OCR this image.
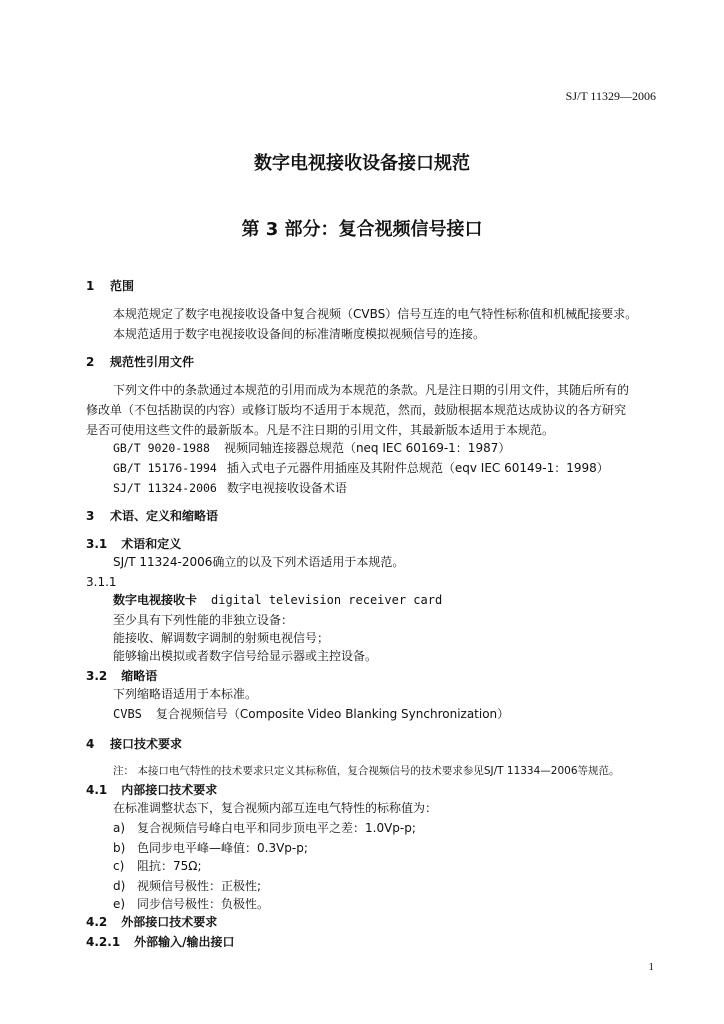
SJ/T 11329—2006
数字电视接收设备接口规范
第 3 部分：复合视频信号接口
1 范围
本规范规定了数字电视接收设备中复合视频（CVBS）信号互连的电气特性标称值和机械配接要求。
本规范适用于数字电视接收设备间的标准清晰度模拟视频信号的连接。
2 规范性引用文件
下列文件中的条款通过本规范的引用而成为本规范的条款。凡是注日期的引用文件，其随后所有的
修改单（不包括勘误的内容）或修订版均不适用于本规范，然而，鼓励根据本规范达成协议的各方研究
是否可使用这些文件的最新版本。凡是不注日期的引用文件，其最新版本适用于本规范。
GB/T 9020-1988 视频同轴连接器总规范（neq IEC 60169-1：1987）
GB/T 15176-1994 插入式电子元器件用插座及其附件总规范（eqv IEC 60149-1：1998）
SJ/T 11324-2006 数字电视接收设备术语
3 术语、定义和缩略语
3.1 术语和定义
SJ/T 11324-2006确立的以及下列术语适用于本规范。
3.1.1
数字电视接收卡 digital television receiver card
至少具有下列性能的非独立设备：
能接收、解调数字调制的射频电视信号；
能够输出模拟或者数字信号给显示器或主控设备。
3.2 缩略语
下列缩略语适用于本标准。
CVBS 复合视频信号（Composite Video Blanking Synchronization）
4 接口技术要求
注： 本接口电气特性的技术要求只定义其标称值，复合视频信号的技术要求参见SJ/T 11334—2006等规范。
4.1 内部接口技术要求
在标准调整状态下，复合视频内部互连电气特性的标称值为：
a) 复合视频信号峰白电平和同步顶电平之差：1.0Vp-p;
b) 色同步电平峰—峰值：0.3Vp-p;
c) 阻抗：75Ω;
d) 视频信号极性：正极性;
e) 同步信号极性：负极性。
4.2 外部接口技术要求
4.2.1 外部输入/输出接口
1
